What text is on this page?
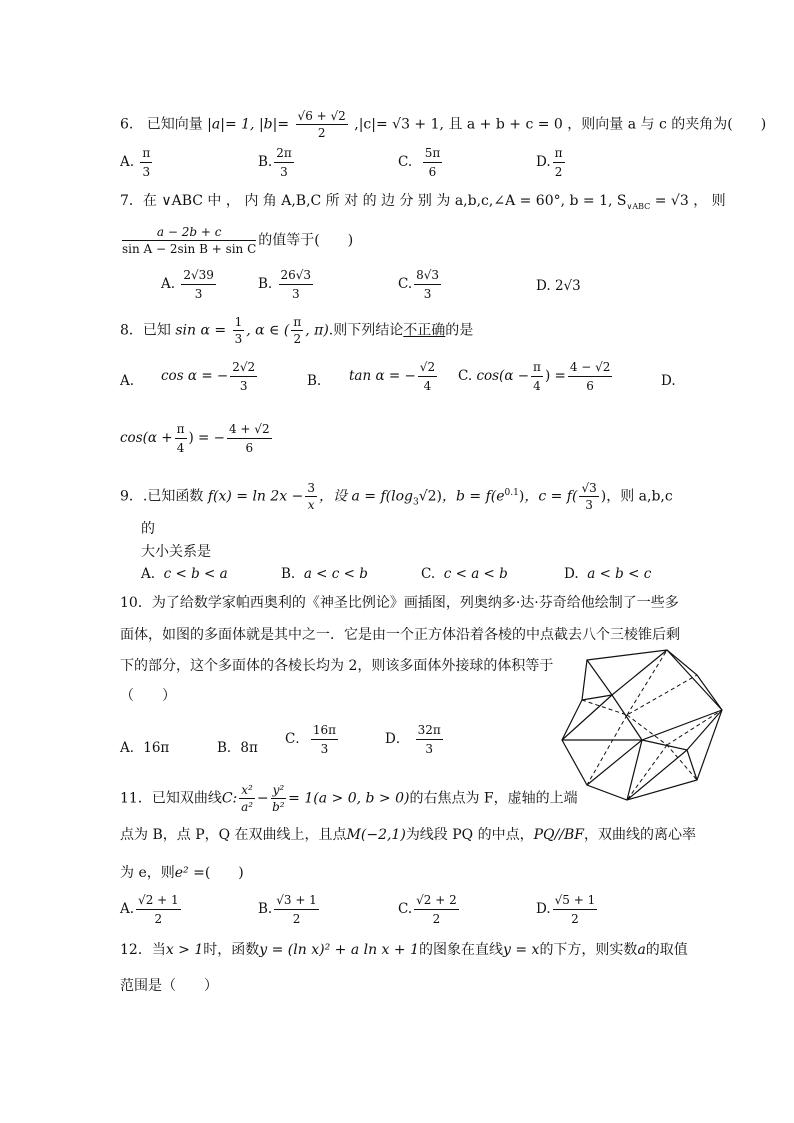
6. 已知向量 |a|= 1, $|b|= \frac{√6 + √2}{2} ,|c|= √3 + 1$, 且 a + b + c = 0 ，则向量 a 与 c 的夹角为(　　)
A. $\frac{\pi}{3}$	B. $\frac{2\pi}{3}$	C. $\frac{5\pi}{6}$	D. $\frac{\pi}{2}$
7．在 ∨ABC 中 ， 内 角 A,B,C 所 对 的 边 分 别 为 a,b,c,∠A = 60°, b = 1, $S_{\vee ABC} = √3$ ， 则
$\frac{a - 2b + c}{\text{sin A − 2sin B + sin C}}$ 的值等于(　　)
A. $\frac{2√39}{3}$	B. $\frac{26√3}{3}$	C. $\frac{8√3}{3}$	D. 2√3
8．已知 $\sin \alpha = \frac{1}{3}$ , α ∈ ( $\frac{\pi}{2}$ , π).则下列结论不正确的是
A. cos α = − $\frac{2√2}{3}$	B. tan α = − $\frac{√2}{4} C$. $\cos(\alpha - \frac{\pi}{4}$ ) = $\frac{4 - √2}{6}$	D.
$\cos(\alpha + \frac{\pi}{4}$ ) = − $\frac{4 + √2}{6}$
9．.已知函数 $f(x) = \ln 2x - \frac{3}{x}$ ，设 $a = f(\log_3√2)$，$b = f(e^{0.1})$，$c = f( \frac{√3}{3}$ )，则 a,b,c
的
大小关系是
A. c < b < a	B. a < c < b	C. c < a < b	D. a < b < c
10．为了给数学家帕西奥利的《神圣比例论》画插图，列奥纳多·达·芬奇给他绘制了一些多
面体，如图的多面体就是其中之一．它是由一个正方体沿着各棱的中点截去八个三棱锥后剩
下的部分，这个多面体的各棱长均为 2，则该多面体外接球的体积等于
（　　）
A．16π	B．8π
C． $\frac{16\pi}{3}$	D． $\frac{32\pi}{3}$
11．已知双曲线C: $\frac{\text{x²}}{\text{a²}} - \frac{\text{y²}}{\text{b²}} = 1(a > 0$, b > 0)的右焦点为 F，虚轴的上端
点为 B，点 P，Q 在双曲线上，且点M(−2,1)为线段 PQ 的中点，PQ//BF，双曲线的离心率
为 e，则e² =(　　)
A. $\frac{√2 + 1}{2}$	B. $\frac{√3 + 1}{2}$	C. $\frac{√2 + 2}{2}$	D. $\frac{√5 + 1}{2}$
12．当x > 1时，函数y = (ln x)² + a ln x + 1的图象在直线y = x的下方，则实数a的取值
范围是（　　）
